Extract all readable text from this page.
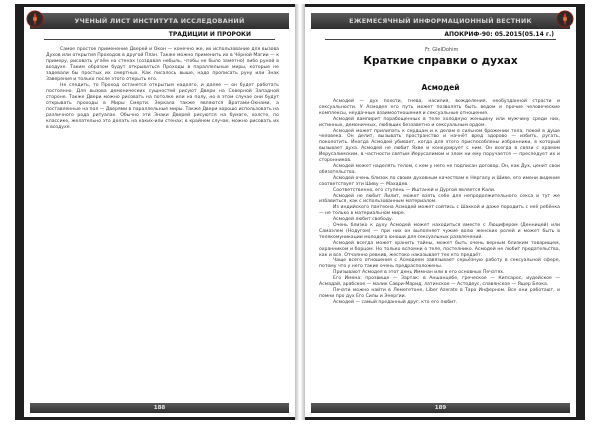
УЧЕНЫЙ ЛИСТ ИНСТИТУТА ИССЛЕДОВАНИЙ
ТРАДИЦИИ И ПРОРОКИ

Самое простое применение Дверей и Окон — конечно же, их использование для вызова Духов или открытия Проходов в другой План. Также можно применить их в Чёрной Магии — к примеру, рисовать углём на стенах (создавая небыль, чтобы не было заметно) либо руной в воздухе. Таким образом будут открываться Проходы в параллельные миры, которые не задевали бы простых их смертных. Как писалось выше, надо прописать руну или Знак Заверения и только после этого открыть его.

Не следить, то Проход останется открытым надолго, и далее — он будет работать постоянно. Для вызова демонических сущностей рисуют Двери на Северной Западной стороне. Также Двери можно рисовать на потолке или на полу, но в этом случае они будут открывать проходы в Миры Смерти. Зеркала также являются Вратами-Окнами, а поставленные на пол — Дверями в параллельные миры. Также Двери хорошо использовать на различного рода ритуалах. Обычно эти Знаки Дверей рисуются на бумаге, холсте, по классике, желательно это делать на каких-или стенах; в крайнем случае, можно рисовать их в воздухе.

188
ЕЖЕМЕСЯЧНЫЙ ИНФОРМАЦИОННЫЙ ВЕСТНИК
АПОКРИФ-90: 05.2015(05.14 г.)
Fr. GlelDohim
Краткие справки о духах
Асмодей

Асмодей — дух похоти, гнева, насилия, вожделения, необузданной страсти и сексуальности. У Асмодея его путь может позволять быть ведом и прочие человеческие комплексы, неудачные взаимоотношения и сексуальные отношения.

Асмодей вампирит порабощенных в теле холодную женщину или мужчину среди них, истинных, демоничных, любящих беззаветно и сексуальным ордом.

Асмодей может прилипать к сердцам и к делам в сильном брожении тела, покой в душе человека. Он делит, вызывать пространство и начнёт вред здорово — избить, ругать, поколотить. Иногда Асмодей убивает, когда для этого приспособлены избранники, в который вызывает духа. Асмодей не любит Яхве и конкурирует с ним. Он всегда в связи с храмом Иерусалимским, в частности святым Иерусалимом и злом ни ему поручается — преследует их и сторонников.

Асмодей может наделять телом, с кем у него не подписан договор. Он, как Дух, ценит свои обязательства.

Асмодей очень близок по своим духовным качествам к Нергалу и Шиве, его имени видение соответствует эти Шиву — Махадев.

Соответственно, его ступень — Иштаней и Дургой является Кали.

Асмодей не любит Лилит, может взять себе для непродолжительного секса и тут же избавиться, как с использованным материалом.

Из индийского пантеона Асмодей может сойтись с Шаккой и даже породить с неё ребёнка — не только в материальном мире.

Асмодей любит свободу.

Очень близко к духу Асмодей может находиться вместе с Люцифером (Денницей) или Самаэлем (Нодугом) — при них он выполняет чужие волю женских ролей и может быть в телекомуникации молодого юноши для сексуальных развлечений.

Асмодей всегда может хранить тайны, может быть очень верным близким товарищем, охранником и борцом. Но только вспомни о теле, постелнико. Асмодей не любит предательства, как и все. Отчаянно ревнив, жестоко наказывает тех кто предаёт.

Чаще всего отношения с Асмодеем завязывает серьёзную работу в сексуальной сфере, потому что у него такие очень предрасположены.

Призывают Асмодея в этот день Иммнан или в его основных Печатях.

Его Имена: прозвище — Зартак: в Аншанцебе, греческое — Кипсарос, иудейское — Асмадай, арабское — малик Саври-Марид, латинское — Астодеус, славянское — Ящер Блока.

Печати можно найти в Лемегетоне, Liber Azerate в Таро Инферном. Все они работают, и помни про дух Его Силы и Энергии.

Асмодей — самый преданный друг, кто его любит.

189
